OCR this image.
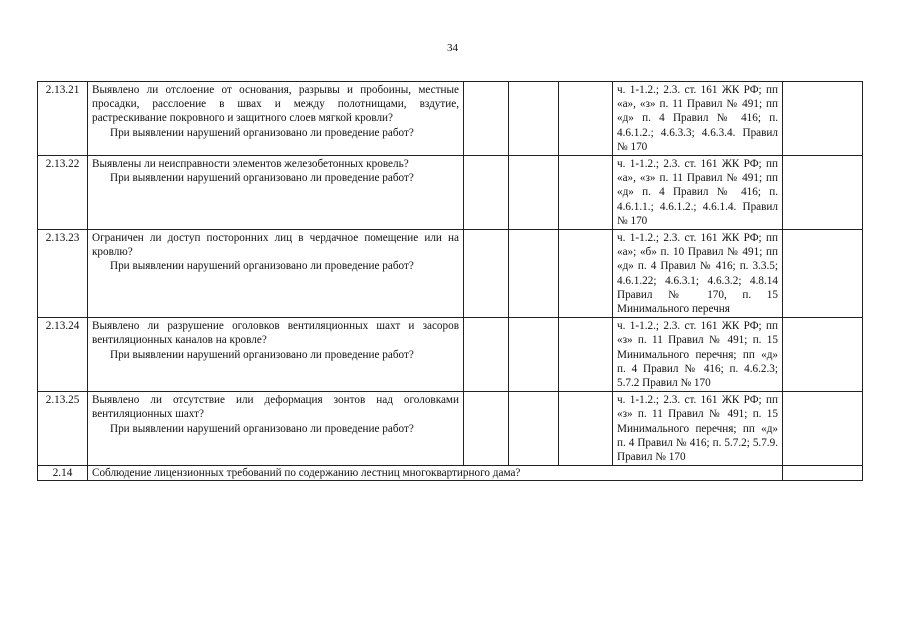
34
2.13.21	Выявлено ли отслоение от основания, разрывы и пробоины, местные просадки, расслоение в швах и между полотнищами, вздутие, растрескивание покровного и защитного слоев мягкой кровли?
При выявлении нарушений организовано ли проведение работ?				ч. 1-1.2.; 2.3. ст. 161 ЖК РФ; пп «а», «з» п. 11 Правил № 491; пп «д» п. 4 Правил № 416; п. 4.6.1.2.; 4.6.3.3; 4.6.3.4. Правил № 170	
2.13.22	Выявлены ли неисправности элементов железобетонных кровель?
При выявлении нарушений организовано ли проведение работ?				ч. 1-1.2.; 2.3. ст. 161 ЖК РФ; пп «а», «з» п. 11 Правил № 491; пп «д» п. 4 Правил № 416; п. 4.6.1.1.; 4.6.1.2.; 4.6.1.4. Правил № 170	
2.13.23	Ограничен ли доступ посторонних лиц в чердачное помещение или на кровлю?
При выявлении нарушений организовано ли проведение работ?				ч. 1-1.2.; 2.3. ст. 161 ЖК РФ; пп «а»; «б» п. 10 Правил № 491; пп «д» п. 4 Правил № 416; п. 3.3.5; 4.6.1.22; 4.6.3.1; 4.6.3.2; 4.8.14 Правил № 170, п. 15 Минимального перечня	
2.13.24	Выявлено ли разрушение оголовков вентиляционных шахт и засоров вентиляционных каналов на кровле?
При выявлении нарушений организовано ли проведение работ?				ч. 1-1.2.; 2.3. ст. 161 ЖК РФ; пп «з» п. 11 Правил № 491; п. 15 Минимального перечня; пп «д» п. 4 Правил № 416; п. 4.6.2.3; 5.7.2 Правил № 170	
2.13.25	Выявлено ли отсутствие или деформация зонтов над оголовками вентиляционных шахт?
При выявлении нарушений организовано ли проведение работ?				ч. 1-1.2.; 2.3. ст. 161 ЖК РФ; пп «з» п. 11 Правил № 491; п. 15 Минимального перечня; пп «д» п. 4 Правил № 416; п. 5.7.2; 5.7.9. Правил № 170	
2.14	Соблюдение лицензионных требований по содержанию лестниц многоквартирного дама?					
